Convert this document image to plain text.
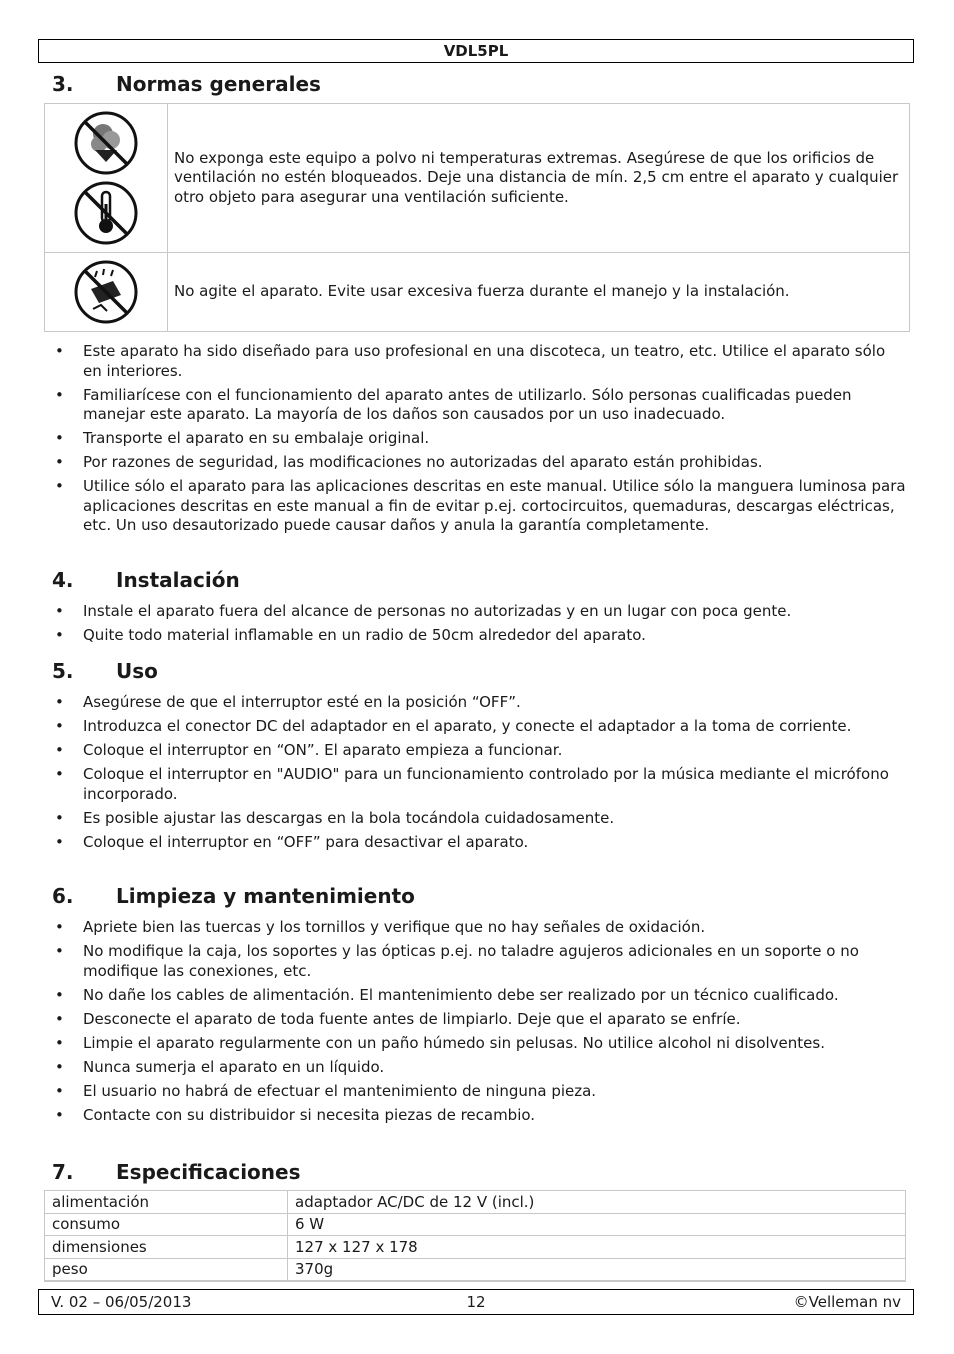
VDL5PL
3. Normas generales
	No exponga este equipo a polvo ni temperaturas extremas. Asegúrese de que los orificios de ventilación no estén bloqueados. Deje una distancia de mín. 2,5 cm entre el aparato y cualquier otro objeto para asegurar una ventilación suficiente.

	No agite el aparato. Evite usar excesiva fuerza durante el manejo y la instalación.
• Este aparato ha sido diseñado para uso profesional en una discoteca, un teatro, etc. Utilice el aparato sólo en interiores.
• Familiarícese con el funcionamiento del aparato antes de utilizarlo. Sólo personas cualificadas pueden manejar este aparato. La mayoría de los daños son causados por un uso inadecuado.
• Transporte el aparato en su embalaje original.
• Por razones de seguridad, las modificaciones no autorizadas del aparato están prohibidas.
• Utilice sólo el aparato para las aplicaciones descritas en este manual. Utilice sólo la manguera luminosa para aplicaciones descritas en este manual a fin de evitar p.ej. cortocircuitos, quemaduras, descargas eléctricas, etc. Un uso desautorizado puede causar daños y anula la garantía completamente.
4. Instalación
• Instale el aparato fuera del alcance de personas no autorizadas y en un lugar con poca gente.
• Quite todo material inflamable en un radio de 50cm alrededor del aparato.
5. Uso
• Asegúrese de que el interruptor esté en la posición “OFF”.
• Introduzca el conector DC del adaptador en el aparato, y conecte el adaptador a la toma de corriente.
• Coloque el interruptor en “ON”. El aparato empieza a funcionar.
• Coloque el interruptor en "AUDIO" para un funcionamiento controlado por la música mediante el micrófono incorporado.
• Es posible ajustar las descargas en la bola tocándola cuidadosamente.
• Coloque el interruptor en “OFF” para desactivar el aparato.
6. Limpieza y mantenimiento
• Apriete bien las tuercas y los tornillos y verifique que no hay señales de oxidación.
• No modifique la caja, los soportes y las ópticas p.ej. no taladre agujeros adicionales en un soporte o no modifique las conexiones, etc.
• No dañe los cables de alimentación. El mantenimiento debe ser realizado por un técnico cualificado.
• Desconecte el aparato de toda fuente antes de limpiarlo. Deje que el aparato se enfríe.
• Limpie el aparato regularmente con un paño húmedo sin pelusas. No utilice alcohol ni disolventes.
• Nunca sumerja el aparato en un líquido.
• El usuario no habrá de efectuar el mantenimiento de ninguna pieza.
• Contacte con su distribuidor si necesita piezas de recambio.
7. Especificaciones
alimentación	adaptador AC/DC de 12 V (incl.)
consumo	6 W
dimensiones	127 x 127 x 178
peso	370g
V. 02 – 06/05/2013	12	©Velleman nv
